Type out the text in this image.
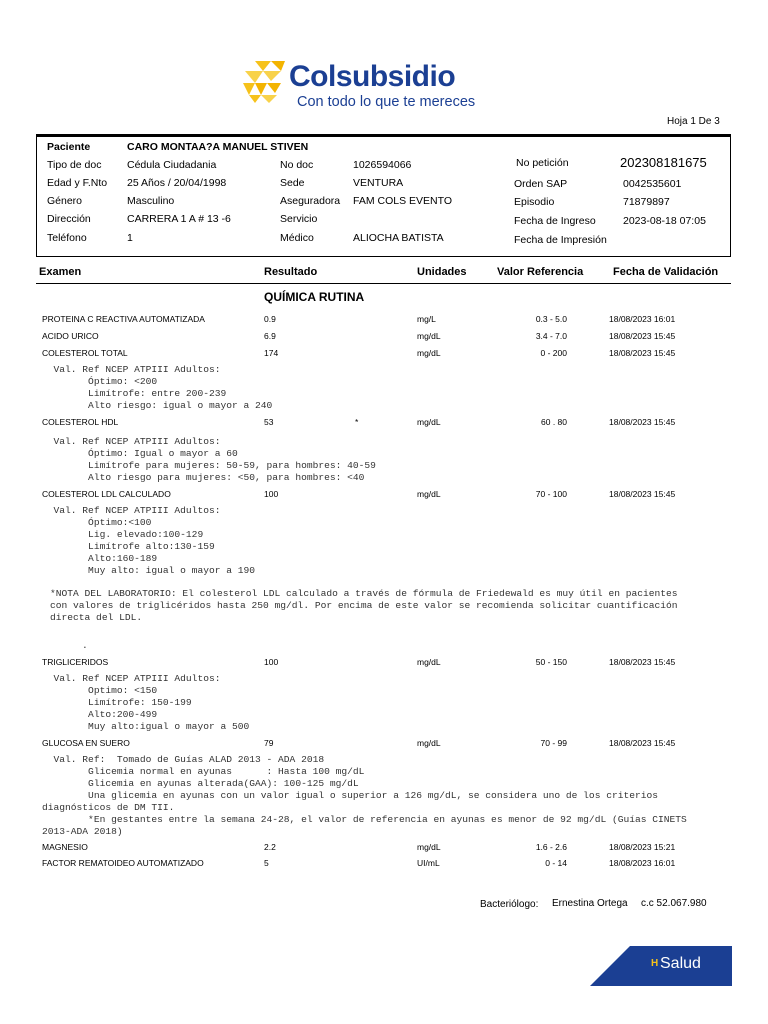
Colsubsidio
Con todo lo que te mereces
Hoja 1 De 3
Paciente	CARO MONTAA?A MANUEL STIVEN
Tipo de doc Cédula Ciudadania
Edad y F.Nto 25 Años / 20/04/1998
Género	Masculino
Dirección	CARRERA 1 A # 13 -6
Teléfono	1
No doc	1026594066
Sede	VENTURA
Aseguradora FAM COLS EVENTO
Servicio
Médico	ALIOCHA BATISTA
No petición	202308181675
Orden SAP	0042535601
Episodio	71879897
Fecha de Ingreso	2023-08-18 07:05
Fecha de Impresión
Examen	Resultado	Unidades	Valor Referencia	Fecha de Validación
QUÍMICA RUTINA
PROTEINA C REACTIVA AUTOMATIZADA	0.9	mg/L	0.3 - 5.0	18/08/2023 16:01
ACIDO URICO	6.9	mg/dL	3.4 - 7.0	18/08/2023 15:45
COLESTEROL TOTAL	174	mg/dL	0 - 200	18/08/2023 15:45
Val. Ref NCEP ATPIII Adultos:
Óptimo: <200
Limítrofe: entre 200-239
Alto riesgo: igual o mayor a 240
COLESTEROL HDL	53	*	mg/dL	60 . 80	18/08/2023 15:45
Val. Ref NCEP ATPIII Adultos:
Óptimo: Igual o mayor a 60
Limítrofe para mujeres: 50-59, para hombres: 40-59
Alto riesgo para mujeres: <50, para hombres: <40
COLESTEROL LDL CALCULADO	100	mg/dL	70 - 100	18/08/2023 15:45
Val. Ref NCEP ATPIII Adultos:
Óptimo:<100
Lig. elevado:100-129
Limítrofe alto:130-159
Alto:160-189
Muy alto: igual o mayor a 190
*NOTA DEL LABORATORIO: El colesterol LDL calculado a través de fórmula de Friedewald es muy útil en pacientes
con valores de triglicéridos hasta 250 mg/dl. Por encima de este valor se recomienda solicitar cuantificación
directa del LDL.
.
TRIGLICERIDOS	100	mg/dL	50 - 150	18/08/2023 15:45
Val. Ref NCEP ATPIII Adultos:
Optimo: <150
Limítrofe: 150-199
Alto:200-499
Muy alto:igual o mayor a 500
GLUCOSA EN SUERO	79	mg/dL	70 - 99	18/08/2023 15:45
Val. Ref:  Tomado de Guías ALAD 2013 - ADA 2018
Glicemia normal en ayunas      : Hasta 100 mg/dL
Glicemia en ayunas alterada(GAA): 100-125 mg/dL
Una glicemia en ayunas con un valor igual o superior a 126 mg/dL, se considera uno de los criterios
diagnósticos de DM TII.
*En gestantes entre la semana 24-28, el valor de referencia en ayunas es menor de 92 mg/dL (Guías CINETS
2013-ADA 2018)
MAGNESIO	2.2	mg/dL	1.6 - 2.6	18/08/2023 15:21
FACTOR REMATOIDEO AUTOMATIZADO	5	UI/mL	0 - 14	18/08/2023 16:01
Bacteriólogo: Ernestina Ortega c.c 52.067.980
H Salud
